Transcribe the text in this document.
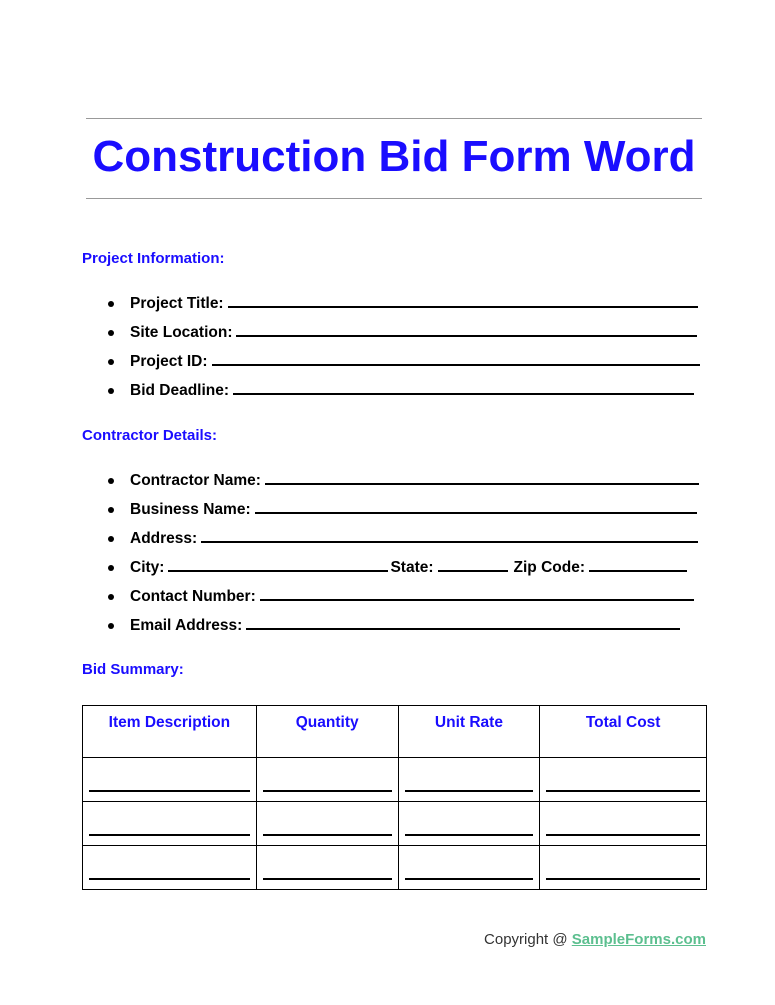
Construction Bid Form Word
Project Information:
Project Title:
Site Location:
Project ID:
Bid Deadline:
Contractor Details:
Contractor Name:
Business Name:
Address:
City:	State:	Zip Code:
Contact Number:
Email Address:
Bid Summary:
Item Description	Quantity	Unit Rate	Total Cost

Copyright @ SampleForms.com
